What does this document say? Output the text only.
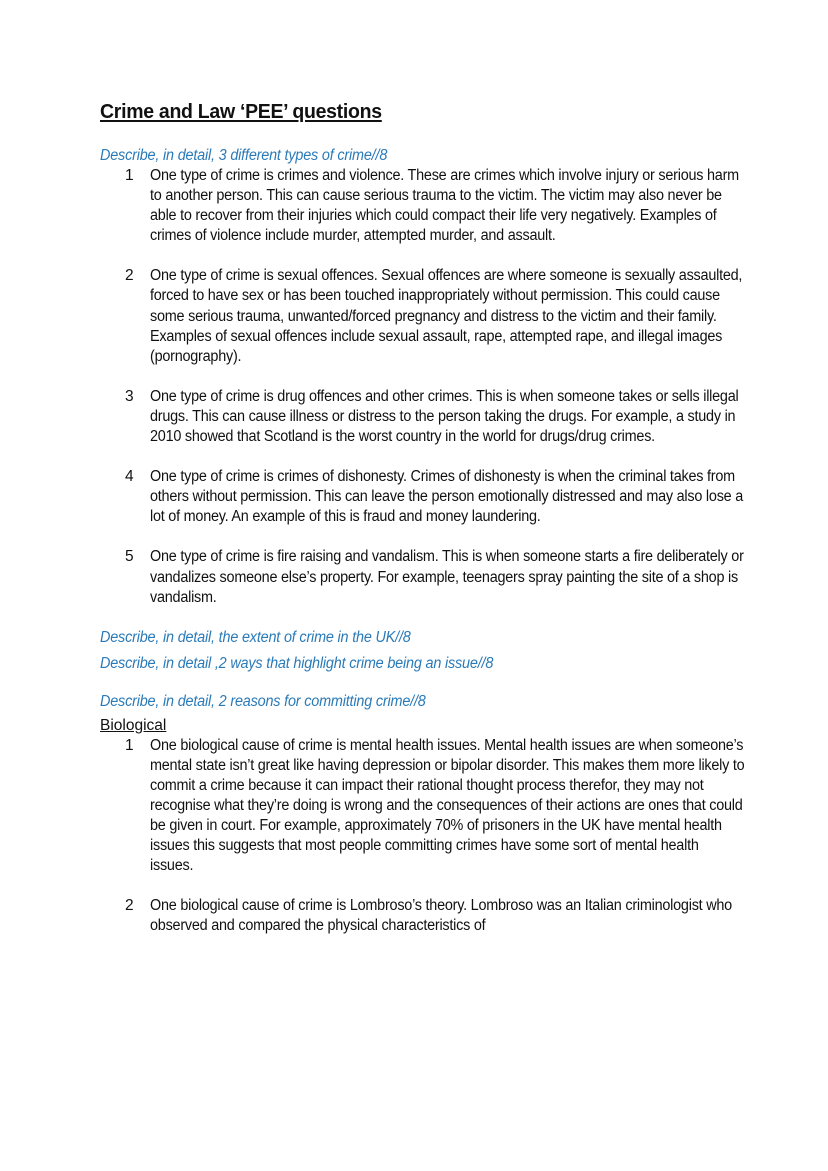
Crime and Law ‘PEE’ questions

Describe, in detail, 3 different types of crime//8

1 One type of crime is crimes and violence. These are crimes which involve injury or serious harm to another person. This can cause serious trauma to the victim. The victim may also never be able to recover from their injuries which could compact their life very negatively. Examples of crimes of violence include murder, attempted murder, and assault.
2 One type of crime is sexual offences. Sexual offences are where someone is sexually assaulted, forced to have sex or has been touched inappropriately without permission. This could cause some serious trauma, unwanted/forced pregnancy and distress to the victim and their family. Examples of sexual offences include sexual assault, rape, attempted rape, and illegal images (pornography).
3 One type of crime is drug offences and other crimes. This is when someone takes or sells illegal drugs. This can cause illness or distress to the person taking the drugs. For example, a study in 2010 showed that Scotland is the worst country in the world for drugs/drug crimes.
4 One type of crime is crimes of dishonesty. Crimes of dishonesty is when the criminal takes from others without permission. This can leave the person emotionally distressed and may also lose a lot of money. An example of this is fraud and money laundering.
5 One type of crime is fire raising and vandalism. This is when someone starts a fire deliberately or vandalizes someone else’s property. For example, teenagers spray painting the site of a shop is vandalism.

Describe, in detail, the extent of crime in the UK//8

Describe, in detail ,2 ways that highlight crime being an issue//8

Describe, in detail, 2 reasons for committing crime//8

Biological

1 One biological cause of crime is mental health issues. Mental health issues are when someone’s mental state isn’t great like having depression or bipolar disorder. This makes them more likely to commit a crime because it can impact their rational thought process therefor, they may not recognise what they’re doing is wrong and the consequences of their actions are ones that could be given in court. For example, approximately 70% of prisoners in the UK have mental health issues this suggests that most people committing crimes have some sort of mental health issues.
2 One biological cause of crime is Lombroso’s theory. Lombroso was an Italian criminologist who observed and compared the physical characteristics of
